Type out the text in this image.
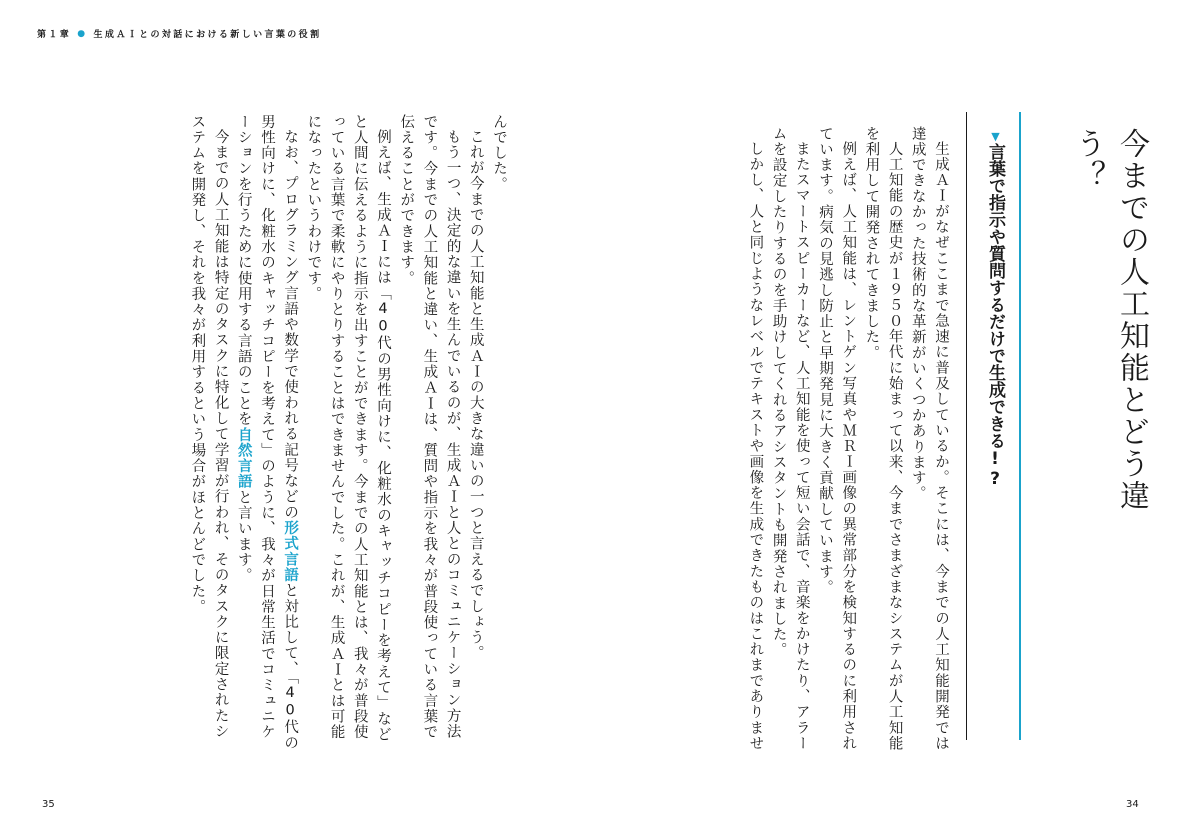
第１章 ● 生成ＡＩとの対話における新しい言葉の役割
今までの人工知能とどう違う？
▼言葉で指示や質問するだけで生成できる!?

生成ＡＩがなぜここまで急速に普及しているか。そこには、今までの人工知能開発では達成できなかった技術的な革新がいくつかあります。

人工知能の歴史が１９５０年代に始まって以来、今までさまざまなシステムが人工知能を利用して開発されてきました。

例えば、人工知能は、レントゲン写真やＭＲＩ画像の異常部分を検知するのに利用されています。病気の見逃し防止と早期発見に大きく貢献しています。

またスマートスピーカーなど、人工知能を使って短い会話で、音楽をかけたり、アラームを設定したりするのを手助けしてくれるアシスタントも開発されました。

しかし、人と同じようなレベルでテキストや画像を生成できたものはこれまでありませ

んでした。

これが今までの人工知能と生成ＡＩの大きな違いの一つと言えるでしょう。

もう一つ、決定的な違いを生んでいるのが、生成ＡＩと人とのコミュニケーション方法です。今までの人工知能と違い、生成ＡＩは、質問や指示を我々が普段使っている言葉で伝えることができます。

例えば、生成ＡＩには「40代の男性向けに、化粧水のキャッチコピーを考えて」などと人間に伝えるように指示を出すことができます。今までの人工知能とは、我々が普段使っている言葉で柔軟にやりとりすることはできませんでした。これが、生成ＡＩとは可能になったというわけです。

なお、プログラミング言語や数学で使われる記号などの形式言語と対比して、「40代の男性向けに、化粧水のキャッチコピーを考えて」のように、我々が日常生活でコミュニケーションを行うために使用する言語のことを自然言語と言います。

今までの人工知能は特定のタスクに特化して学習が行われ、そのタスクに限定されたシステムを開発し、それを我々が利用するという場合がほとんどでした。

35	34
